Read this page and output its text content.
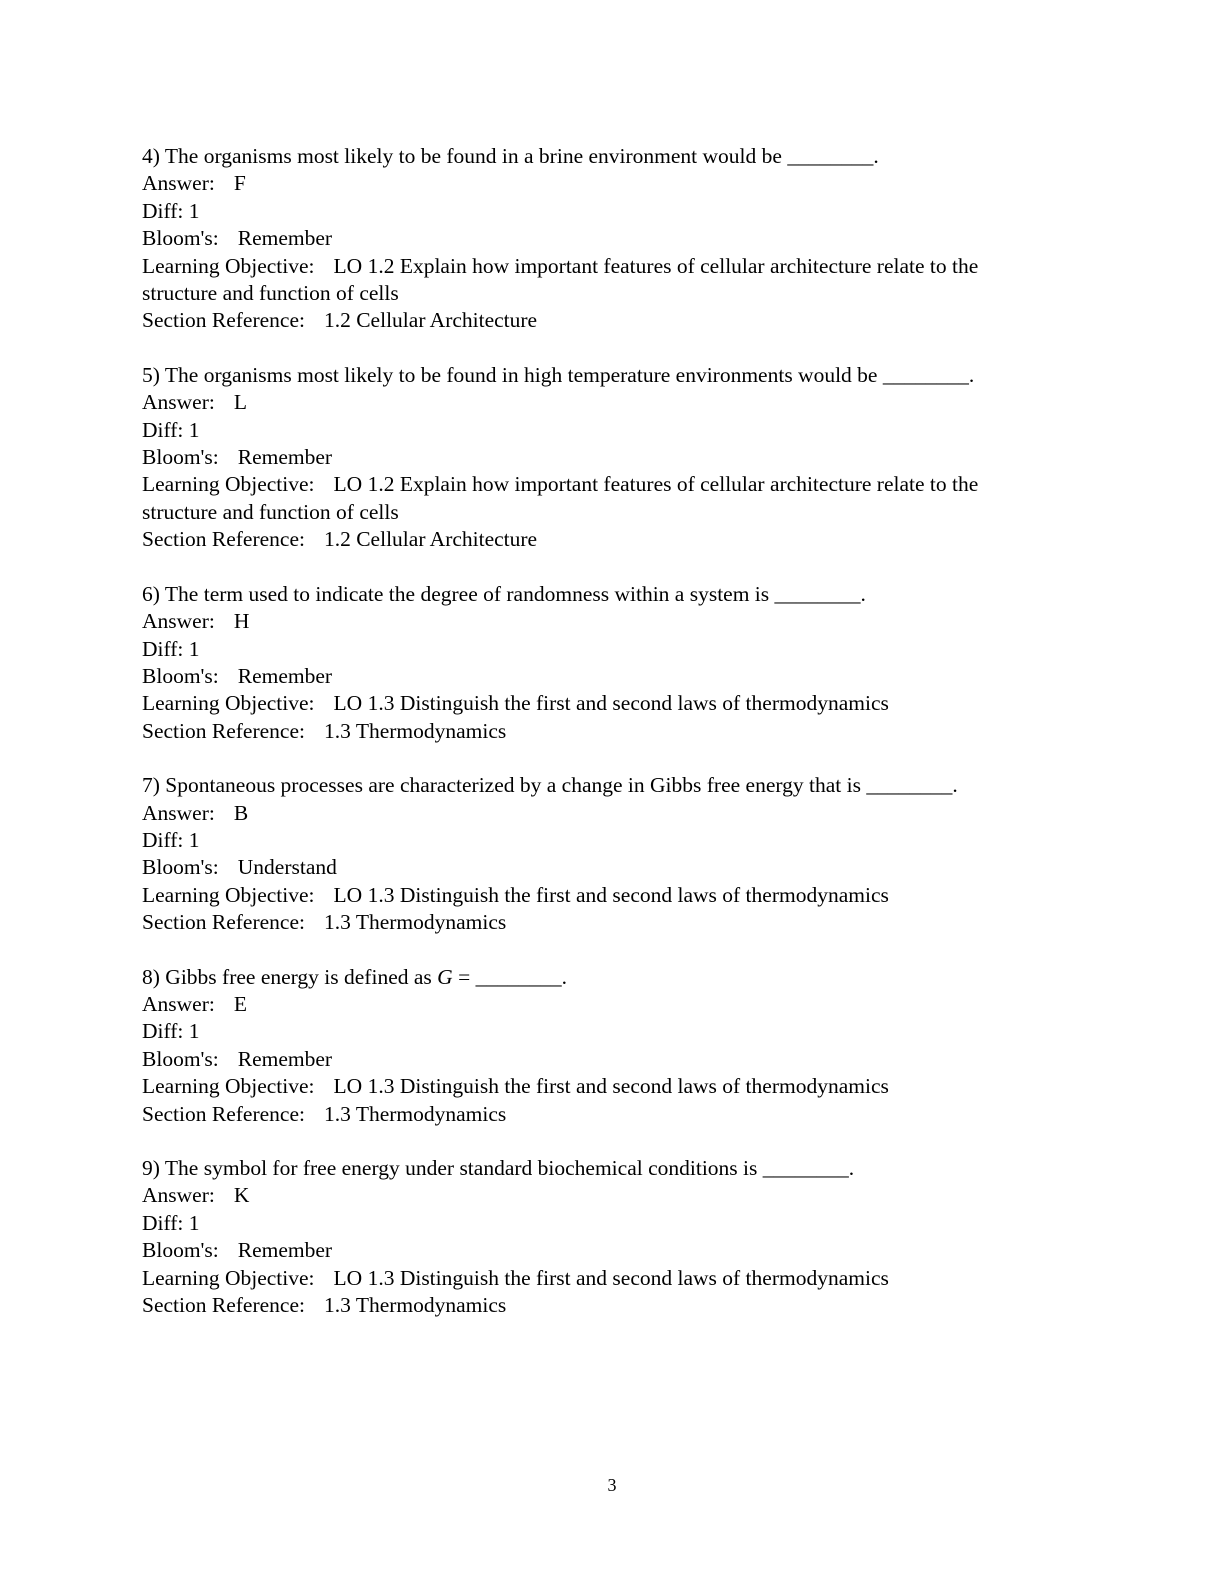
4) The organisms most likely to be found in a brine environment would be ________.
Answer: F
Diff: 1
Bloom's: Remember
Learning Objective: LO 1.2 Explain how important features of cellular architecture relate to the
structure and function of cells
Section Reference: 1.2 Cellular Architecture
5) The organisms most likely to be found in high temperature environments would be ________.
Answer: L
Diff: 1
Bloom's: Remember
Learning Objective: LO 1.2 Explain how important features of cellular architecture relate to the
structure and function of cells
Section Reference: 1.2 Cellular Architecture
6) The term used to indicate the degree of randomness within a system is ________.
Answer: H
Diff: 1
Bloom's: Remember
Learning Objective: LO 1.3 Distinguish the first and second laws of thermodynamics
Section Reference: 1.3 Thermodynamics
7) Spontaneous processes are characterized by a change in Gibbs free energy that is ________.
Answer: B
Diff: 1
Bloom's: Understand
Learning Objective: LO 1.3 Distinguish the first and second laws of thermodynamics
Section Reference: 1.3 Thermodynamics
8) Gibbs free energy is defined as G = ________.
Answer: E
Diff: 1
Bloom's: Remember
Learning Objective: LO 1.3 Distinguish the first and second laws of thermodynamics
Section Reference: 1.3 Thermodynamics
9) The symbol for free energy under standard biochemical conditions is ________.
Answer: K
Diff: 1
Bloom's: Remember
Learning Objective: LO 1.3 Distinguish the first and second laws of thermodynamics
Section Reference: 1.3 Thermodynamics
3
